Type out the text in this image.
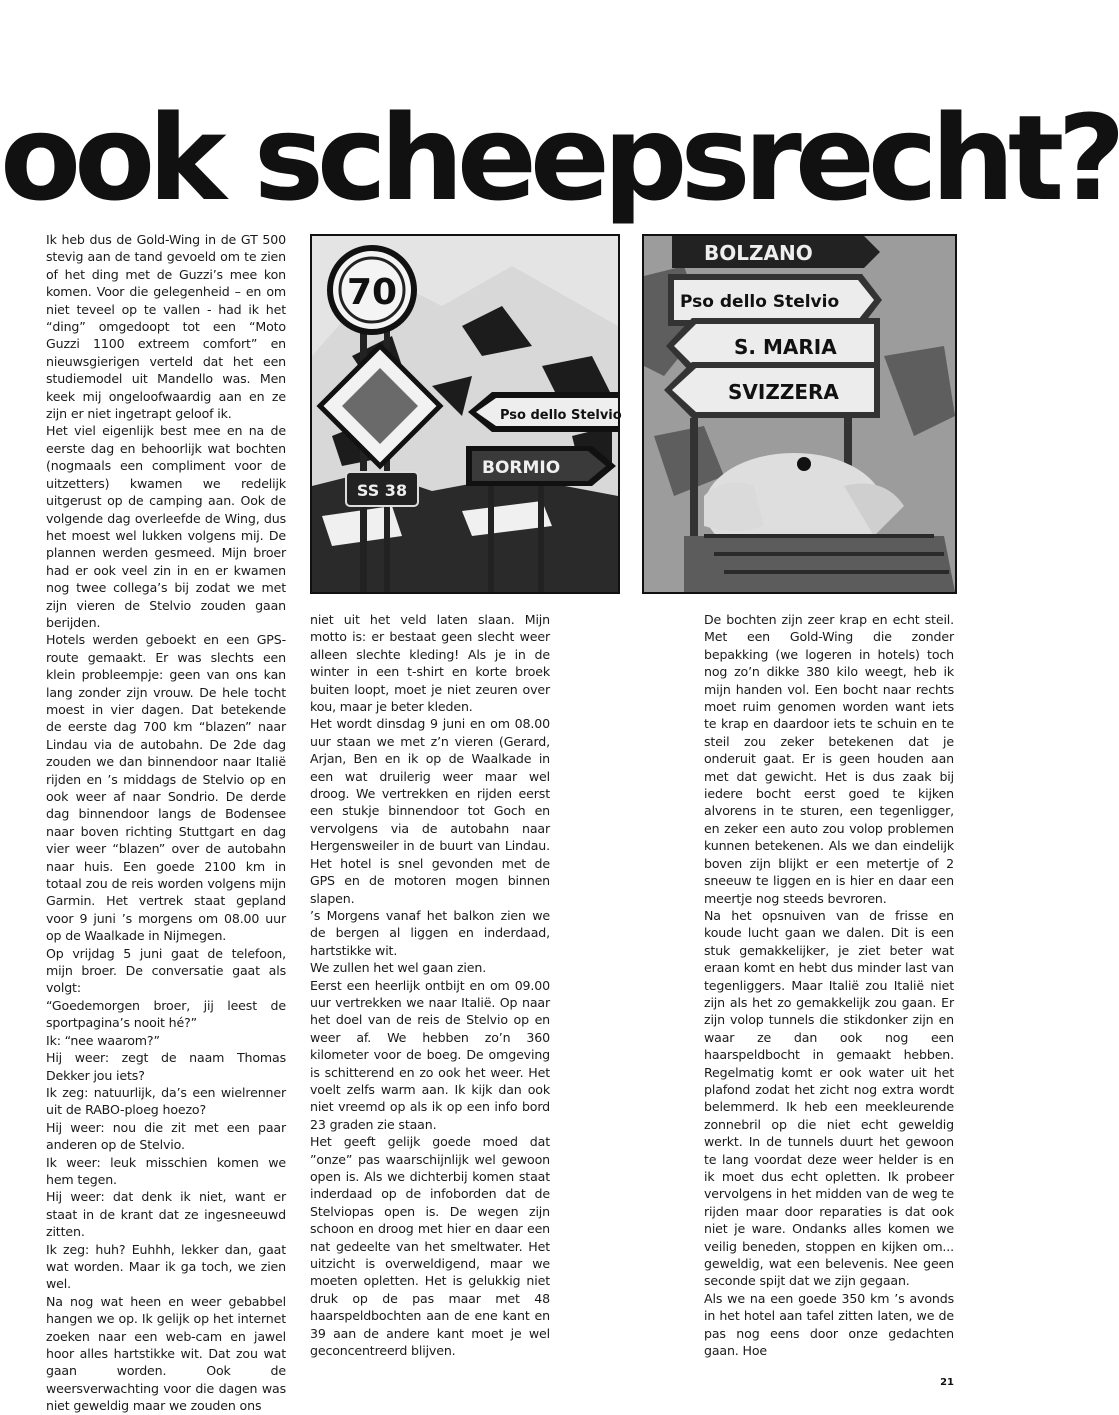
ook scheepsrecht?

Ik heb dus de Gold-Wing in de GT 500 stevig aan de tand gevoeld om te zien of het ding met de Guzzi’s mee kon komen. Voor die gelegenheid – en om niet teveel op te vallen - had ik het “ding” omgedoopt tot een “Moto Guzzi 1100 extreem comfort” en nieuwsgierigen verteld dat het een studiemodel uit Mandello was. Men keek mij ongeloofwaardig aan en ze zijn er niet ingetrapt geloof ik.

Het viel eigenlijk best mee en na de eerste dag en behoorlijk wat bochten (nogmaals een compliment voor de uitzetters) kwamen we redelijk uitgerust op de camping aan. Ook de volgende dag overleefde de Wing, dus het moest wel lukken volgens mij. De plannen werden gesmeed. Mijn broer had er ook veel zin in en er kwamen nog twee collega’s bij zodat we met zijn vieren de Stelvio zouden gaan berijden.

Hotels werden geboekt en een GPS-route gemaakt. Er was slechts een klein probleempje: geen van ons kan lang zonder zijn vrouw. De hele tocht moest in vier dagen. Dat betekende de eerste dag 700 km “blazen” naar Lindau via de autobahn. De 2de dag zouden we dan binnendoor naar Italië rijden en ’s middags de Stelvio op en ook weer af naar Sondrio. De derde dag binnendoor langs de Bodensee naar boven richting Stuttgart en dag vier weer “blazen” over de autobahn naar huis. Een goede 2100 km in totaal zou de reis worden volgens mijn Garmin. Het vertrek staat gepland voor 9 juni ’s morgens om 08.00 uur op de Waalkade in Nijmegen.

Op vrijdag 5 juni gaat de telefoon, mijn broer. De conversatie gaat als volgt:

“Goedemorgen broer, jij leest de sportpagina’s nooit hé?”

Ik: “nee waarom?”

Hij weer: zegt de naam Thomas Dekker jou iets?

Ik zeg: natuurlijk, da’s een wielrenner uit de RABO-ploeg hoezo?

Hij weer: nou die zit met een paar anderen op de Stelvio.

Ik weer: leuk misschien komen we hem tegen.

Hij weer: dat denk ik niet, want er staat in de krant dat ze ingesneeuwd zitten.

Ik zeg: huh? Euhhh, lekker dan, gaat wat worden. Maar ik ga toch, we zien wel.

Na nog wat heen en weer gebabbel hangen we op. Ik gelijk op het internet zoeken naar een web-cam en jawel hoor alles hartstikke wit. Dat zou wat gaan worden. Ook de weersverwachting voor die dagen was niet geweldig maar we zouden ons

70
SS 38
Pso dello Stelvio
BORMIO
BOLZANO
Pso dello Stelvio
S. MARIA
SVIZZERA

niet uit het veld laten slaan. Mijn motto is: er bestaat geen slecht weer alleen slechte kleding! Als je in de winter in een t-shirt en korte broek buiten loopt, moet je niet zeuren over kou, maar je beter kleden.

Het wordt dinsdag 9 juni en om 08.00 uur staan we met z’n vieren (Gerard, Arjan, Ben en ik op de Waalkade in een wat druilerig weer maar wel droog. We vertrekken en rijden eerst een stukje binnendoor tot Goch en vervolgens via de autobahn naar Hergensweiler in de buurt van Lindau. Het hotel is snel gevonden met de GPS en de motoren mogen binnen slapen.

’s Morgens vanaf het balkon zien we de bergen al liggen en inderdaad, hartstikke wit.

We zullen het wel gaan zien.

Eerst een heerlijk ontbijt en om 09.00 uur vertrekken we naar Italië. Op naar het doel van de reis de Stelvio op en weer af. We hebben zo’n 360 kilometer voor de boeg. De omgeving is schitterend en zo ook het weer. Het voelt zelfs warm aan. Ik kijk dan ook niet vreemd op als ik op een info bord 23 graden zie staan.

Het geeft gelijk goede moed dat ”onze” pas waarschijnlijk wel gewoon open is. Als we dichterbij komen staat inderdaad op de infoborden dat de Stelviopas open is. De wegen zijn schoon en droog met hier en daar een nat gedeelte van het smeltwater. Het uitzicht is overweldigend, maar we moeten opletten. Het is gelukkig niet druk op de pas maar met 48 haarspeldbochten aan de ene kant en 39 aan de andere kant moet je wel geconcentreerd blijven.

De bochten zijn zeer krap en echt steil. Met een Gold-Wing die zonder bepakking (we logeren in hotels) toch nog zo’n dikke 380 kilo weegt, heb ik mijn handen vol. Een bocht naar rechts moet ruim genomen worden want iets te krap en daardoor iets te schuin en te steil zou zeker betekenen dat je onderuit gaat. Er is geen houden aan met dat gewicht. Het is dus zaak bij iedere bocht eerst goed te kijken alvorens in te sturen, een tegenligger, en zeker een auto zou volop problemen kunnen betekenen. Als we dan eindelijk boven zijn blijkt er een metertje of 2 sneeuw te liggen en is hier en daar een meertje nog steeds bevroren.

Na het opsnuiven van de frisse en koude lucht gaan we dalen. Dit is een stuk gemakkelijker, je ziet beter wat eraan komt en hebt dus minder last van tegenliggers. Maar Italië zou Italië niet zijn als het zo gemakkelijk zou gaan. Er zijn volop tunnels die stikdonker zijn en waar ze dan ook nog een haarspeldbocht in gemaakt hebben. Regelmatig komt er ook water uit het plafond zodat het zicht nog extra wordt belemmerd. Ik heb een meekleurende zonnebril op die niet echt geweldig werkt. In de tunnels duurt het gewoon te lang voordat deze weer helder is en ik moet dus echt opletten. Ik probeer vervolgens in het midden van de weg te rijden maar door reparaties is dat ook niet je ware. Ondanks alles komen we veilig beneden, stoppen en kijken om... geweldig, wat een belevenis. Nee geen seconde spijt dat we zijn gegaan.

Als we na een goede 350 km ’s avonds in het hotel aan tafel zitten laten, we de pas nog eens door onze gedachten gaan. Hoe

21
